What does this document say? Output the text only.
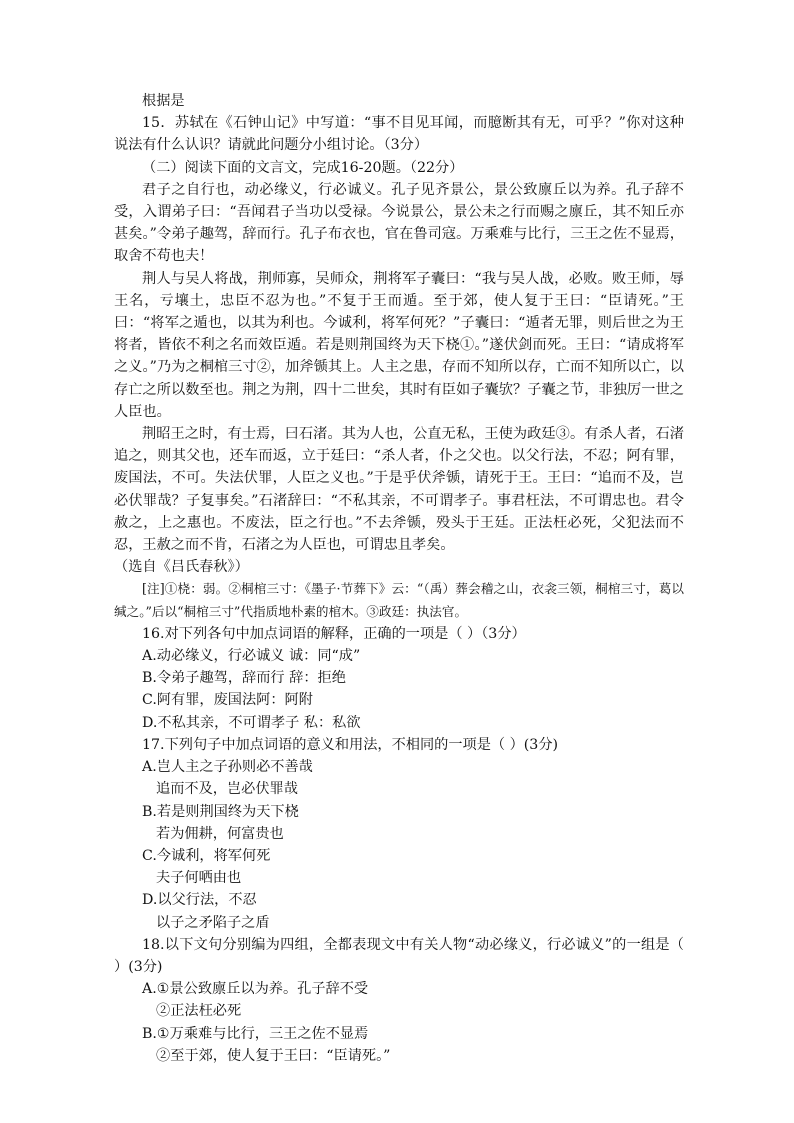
根据是

15．苏轼在《石钟山记》中写道：“事不目见耳闻，而臆断其有无，可乎？”你对这种说法有什么认识？请就此问题分小组讨论。（3分）

（二）阅读下面的文言文，完成16-20题。（22分）

君子之自行也，动必缘义，行必诚义。孔子见齐景公，景公致廪丘以为养。孔子辞不受，入谓弟子曰：“吾闻君子当功以受禄。今说景公，景公未之行而赐之廪丘，其不知丘亦甚矣。”令弟子趣驾，辞而行。孔子布衣也，官在鲁司寇。万乘难与比行，三王之佐不显焉，取舍不苟也夫！

荆人与吴人将战，荆师寡，吴师众，荆将军子囊曰：“我与吴人战，必败。败王师，辱王名，亏壤土，忠臣不忍为也。”不复于王而遁。至于郊，使人复于王曰：“臣请死。”王曰：“将军之遁也，以其为利也。今诚利，将军何死？”子囊曰：“遁者无罪，则后世之为王将者，皆依不利之名而效臣遁。若是则荆国终为天下桡①。”遂伏剑而死。王曰：“请成将军之义。”乃为之桐棺三寸②，加斧锧其上。人主之患，存而不知所以存，亡而不知所以亡，以存亡之所以数至也。荆之为荆，四十二世矣，其时有臣如子囊欤？子囊之节，非独厉一世之人臣也。

荆昭王之时，有士焉，曰石渚。其为人也，公直无私，王使为政廷③。有杀人者，石渚追之，则其父也，还车而返，立于廷曰：“杀人者，仆之父也。以父行法，不忍；阿有罪，废国法，不可。失法伏罪，人臣之义也。”于是乎伏斧锧，请死于王。王曰：“追而不及，岂必伏罪哉？子复事矣。”石渚辞曰：“不私其亲，不可谓孝子。事君枉法，不可谓忠也。君令赦之，上之惠也。不废法，臣之行也。”不去斧锧，殁头于王廷。正法枉必死，父犯法而不忍，王赦之而不肯，石渚之为人臣也，可谓忠且孝矣。

（选自《吕氏春秋》）

[注]①桡：弱。②桐棺三寸：《墨子·节葬下》云：“（禹）葬会稽之山，衣衾三领，桐棺三寸，葛以缄之。”后以“桐棺三寸”代指质地朴素的棺木。③政廷：执法官。

16.对下列各句中加点词语的解释，正确的一项是（ ）（3分）

A.动必缘义，行必诚义 诚：同“成”

B.令弟子趣驾，辞而行 辞：拒绝

C.阿有罪，废国法阿：阿附

D.不私其亲，不可谓孝子 私：私欲

17.下列句子中加点词语的意义和用法，不相同的一项是（ ）(3分)

A.岂人主之子孙则必不善哉

追而不及，岂必伏罪哉

B.若是则荆国终为天下桡

若为佣耕，何富贵也

C.今诚利，将军何死

夫子何哂由也

D.以父行法，不忍

以子之矛陷子之盾

18.以下文句分别编为四组，全都表现文中有关人物“动必缘义，行必诚义”的一组是（ ）(3分)

A.①景公致廪丘以为养。孔子辞不受

②正法枉必死

B.①万乘难与比行，三王之佐不显焉

②至于郊，使人复于王曰：“臣请死。”
